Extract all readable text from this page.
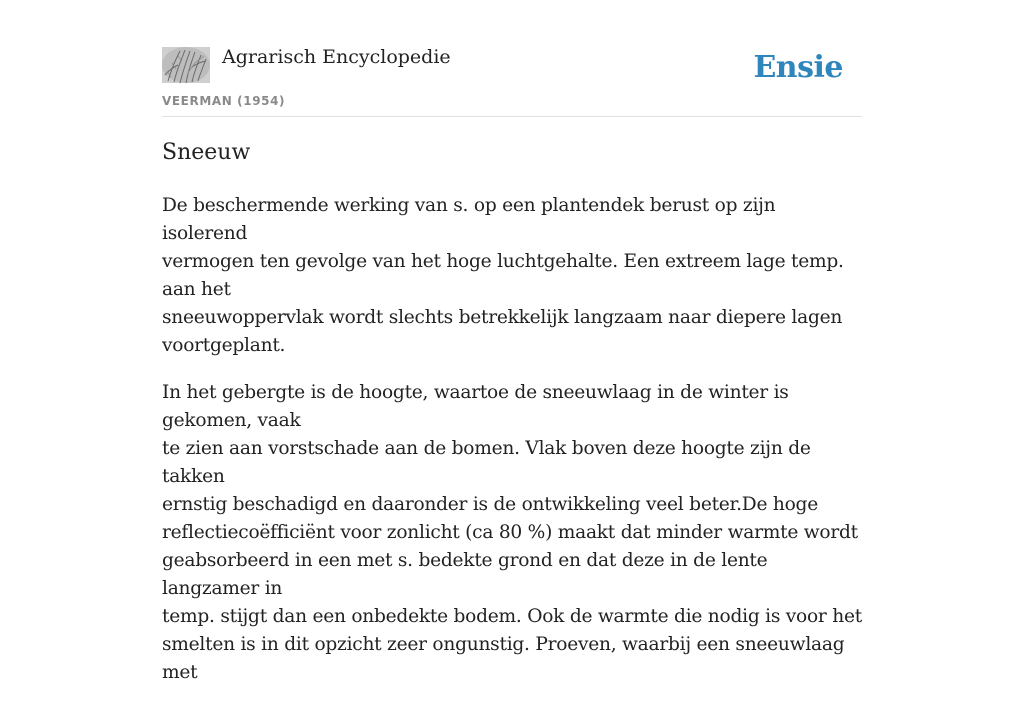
Agrarisch Encyclopedie
VEERMAN (1954)
Ensie
Sneeuw

De beschermende werking van s. op een plantendek berust op zijn isolerend
vermogen ten gevolge van het hoge luchtgehalte. Een extreem lage temp. aan het
sneeuwoppervlak wordt slechts betrekkelijk langzaam naar diepere lagen
voortgeplant.

In het gebergte is de hoogte, waartoe de sneeuwlaag in de winter is gekomen, vaak
te zien aan vorstschade aan de bomen. Vlak boven deze hoogte zijn de takken
ernstig beschadigd en daaronder is de ontwikkeling veel beter.De hoge
reflectiecoëfficiënt voor zonlicht (ca 80 %) maakt dat minder warmte wordt
geabsorbeerd in een met s. bedekte grond en dat deze in de lente langzamer in
temp. stijgt dan een onbedekte bodem. Ook de warmte die nodig is voor het
smelten is in dit opzicht zeer ongunstig. Proeven, waarbij een sneeuwlaag met
